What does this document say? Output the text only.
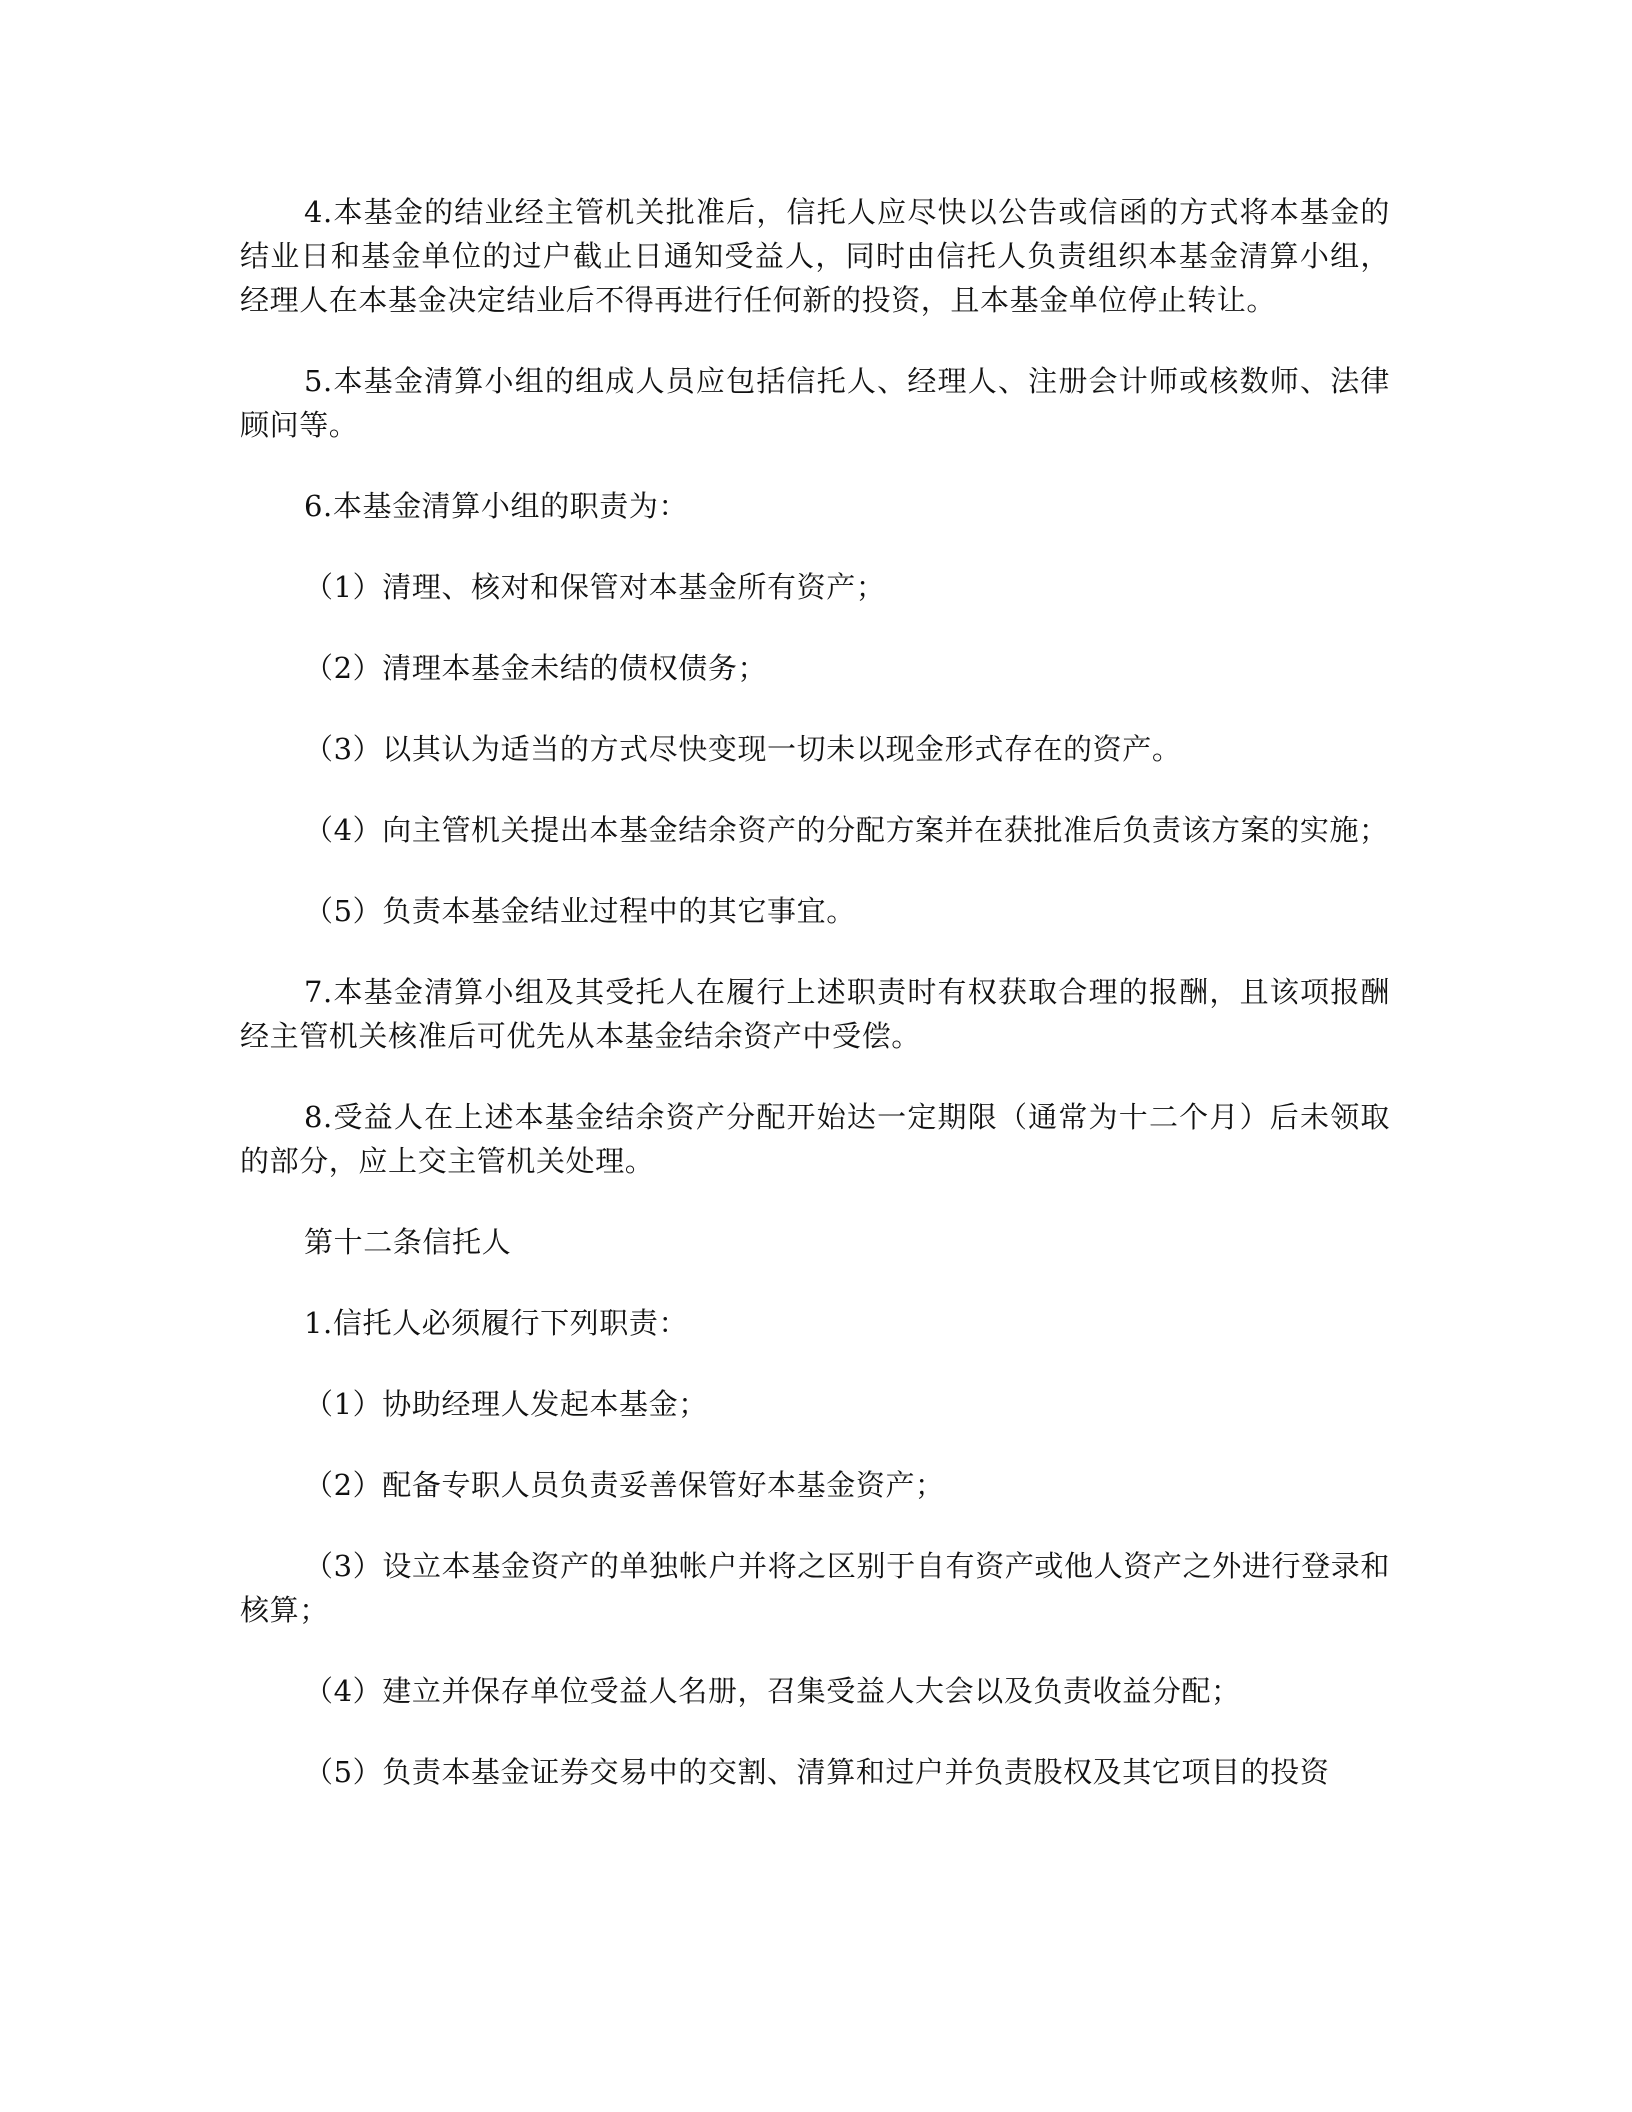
4.本基金的结业经主管机关批准后，信托人应尽快以公告或信函的方式将本基金的结业日和基金单位的过户截止日通知受益人，同时由信托人负责组织本基金清算小组，经理人在本基金决定结业后不得再进行任何新的投资，且本基金单位停止转让。

5.本基金清算小组的组成人员应包括信托人、经理人、注册会计师或核数师、法律顾问等。

6.本基金清算小组的职责为：

（1）清理、核对和保管对本基金所有资产；

（2）清理本基金未结的债权债务；

（3）以其认为适当的方式尽快变现一切未以现金形式存在的资产。

（4）向主管机关提出本基金结余资产的分配方案并在获批准后负责该方案的实施；

（5）负责本基金结业过程中的其它事宜。

7.本基金清算小组及其受托人在履行上述职责时有权获取合理的报酬，且该项报酬经主管机关核准后可优先从本基金结余资产中受偿。

8.受益人在上述本基金结余资产分配开始达一定期限（通常为十二个月）后未领取的部分，应上交主管机关处理。

第十二条信托人

1.信托人必须履行下列职责：

（1）协助经理人发起本基金；

（2）配备专职人员负责妥善保管好本基金资产；

（3）设立本基金资产的单独帐户并将之区别于自有资产或他人资产之外进行登录和核算；

（4）建立并保存单位受益人名册，召集受益人大会以及负责收益分配；

（5）负责本基金证券交易中的交割、清算和过户并负责股权及其它项目的投资
